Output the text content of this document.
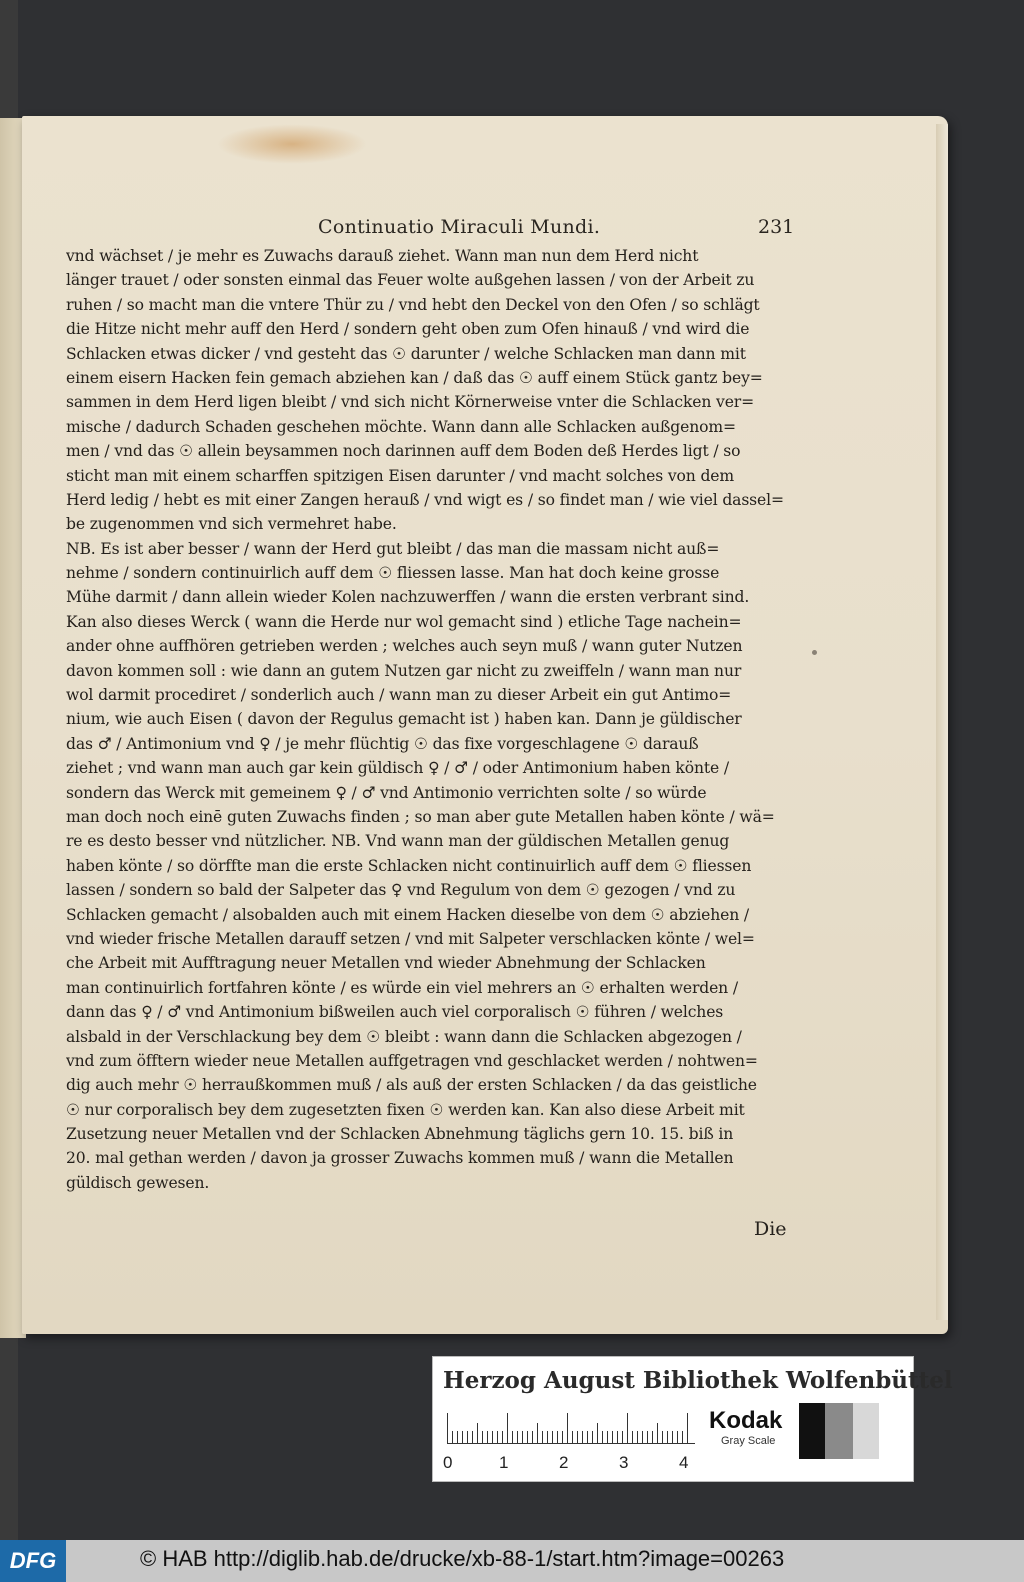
Continuatio Miraculi Mundi.	231
vnd wächset / je mehr es Zuwachs darauß ziehet. Wann man nun dem Herd nicht
länger trauet / oder sonsten einmal das Feuer wolte außgehen lassen / von der Arbeit zu
ruhen / so macht man die vntere Thür zu / vnd hebt den Deckel von den Ofen / so schlägt
die Hitze nicht mehr auff den Herd / sondern geht oben zum Ofen hinauß / vnd wird die
Schlacken etwas dicker / vnd gesteht das ☉ darunter / welche Schlacken man dann mit
einem eisern Hacken fein gemach abziehen kan / daß das ☉ auff einem Stück gantz bey=
sammen in dem Herd ligen bleibt / vnd sich nicht Körnerweise vnter die Schlacken ver=
mische / dadurch Schaden geschehen möchte. Wann dann alle Schlacken außgenom=
men / vnd das ☉ allein beysammen noch darinnen auff dem Boden deß Herdes ligt / so
sticht man mit einem scharffen spitzigen Eisen darunter / vnd macht solches von dem
Herd ledig / hebt es mit einer Zangen herauß / vnd wigt es / so findet man / wie viel dassel=
be zugenommen vnd sich vermehret habe.
NB. Es ist aber besser / wann der Herd gut bleibt / das man die massam nicht auß=
nehme / sondern continuirlich auff dem ☉ fliessen lasse. Man hat doch keine grosse
Mühe darmit / dann allein wieder Kolen nachzuwerffen / wann die ersten verbrant sind.
Kan also dieses Werck ( wann die Herde nur wol gemacht sind ) etliche Tage nachein=
ander ohne auffhören getrieben werden ; welches auch seyn muß / wann guter Nutzen
davon kommen soll : wie dann an gutem Nutzen gar nicht zu zweiffeln / wann man nur
wol darmit procediret / sonderlich auch / wann man zu dieser Arbeit ein gut Antimo=
nium, wie auch Eisen ( davon der Regulus gemacht ist ) haben kan. Dann je güldischer
das ♂ / Antimonium vnd ♀ / je mehr flüchtig ☉ das fixe vorgeschlagene ☉ darauß
ziehet ; vnd wann man auch gar kein güldisch ♀ / ♂ / oder Antimonium haben könte /
sondern das Werck mit gemeinem ♀ / ♂ vnd Antimonio verrichten solte / so würde
man doch noch einē guten Zuwachs finden ; so man aber gute Metallen haben könte / wä=
re es desto besser vnd nützlicher. NB. Vnd wann man der güldischen Metallen genug
haben könte / so dörffte man die erste Schlacken nicht continuirlich auff dem ☉ fliessen
lassen / sondern so bald der Salpeter das ♀ vnd Regulum von dem ☉ gezogen / vnd zu
Schlacken gemacht / alsobalden auch mit einem Hacken dieselbe von dem ☉ abziehen /
vnd wieder frische Metallen darauff setzen / vnd mit Salpeter verschlacken könte / wel=
che Arbeit mit Aufftragung neuer Metallen vnd wieder Abnehmung der Schlacken
man continuirlich fortfahren könte / es würde ein viel mehrers an ☉ erhalten werden /
dann das ♀ / ♂ vnd Antimonium bißweilen auch viel corporalisch ☉ führen / welches
alsbald in der Verschlackung bey dem ☉ bleibt : wann dann die Schlacken abgezogen /
vnd zum öfftern wieder neue Metallen auffgetragen vnd geschlacket werden / nohtwen=
dig auch mehr ☉ herraußkommen muß / als auß der ersten Schlacken / da das geistliche
☉ nur corporalisch bey dem zugesetzten fixen ☉ werden kan. Kan also diese Arbeit mit
Zusetzung neuer Metallen vnd der Schlacken Abnehmung täglichs gern 10. 15. biß in
20. mal gethan werden / davon ja grosser Zuwachs kommen muß / wann die Metallen
güldisch gewesen.
Die
Herzog August Bibliothek Wolfenbüttel
0	1	2	3	4
Kodak
Gray Scale
DFG	© HAB http://diglib.hab.de/drucke/xb-88-1/start.htm?image=00263
